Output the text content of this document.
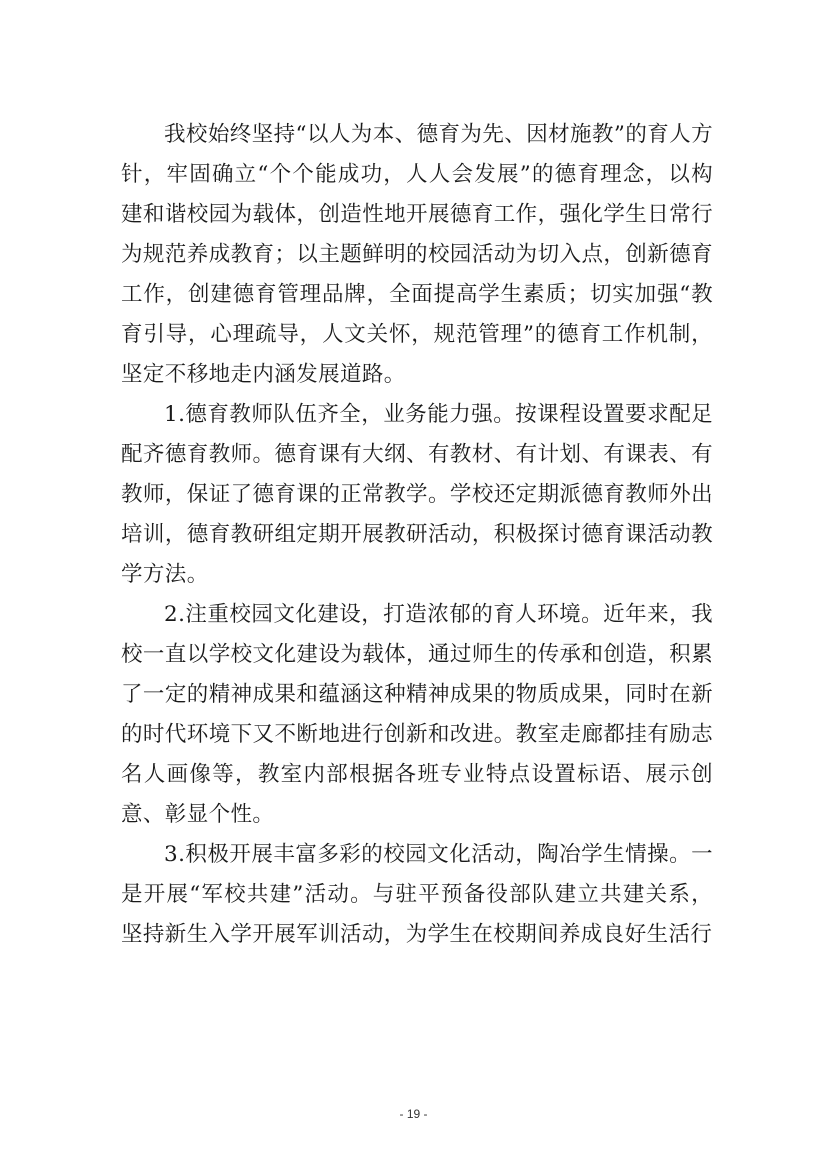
我校始终坚持“以人为本、德育为先、因材施教”的育人方针，牢固确立“个个能成功，人人会发展”的德育理念，以构建和谐校园为载体，创造性地开展德育工作，强化学生日常行为规范养成教育；以主题鲜明的校园活动为切入点，创新德育工作，创建德育管理品牌，全面提高学生素质；切实加强“教育引导，心理疏导，人文关怀，规范管理”的德育工作机制，坚定不移地走内涵发展道路。

1.德育教师队伍齐全，业务能力强。按课程设置要求配足配齐德育教师。德育课有大纲、有教材、有计划、有课表、有教师，保证了德育课的正常教学。学校还定期派德育教师外出培训，德育教研组定期开展教研活动，积极探讨德育课活动教学方法。

2.注重校园文化建设，打造浓郁的育人环境。近年来，我校一直以学校文化建设为载体，通过师生的传承和创造，积累了一定的精神成果和蕴涵这种精神成果的物质成果，同时在新的时代环境下又不断地进行创新和改进。教室走廊都挂有励志名人画像等，教室内部根据各班专业特点设置标语、展示创意、彰显个性。

3.积极开展丰富多彩的校园文化活动，陶冶学生情操。一是开展“军校共建”活动。与驻平预备役部队建立共建关系，坚持新生入学开展军训活动，为学生在校期间养成良好生活行

- 19 -
